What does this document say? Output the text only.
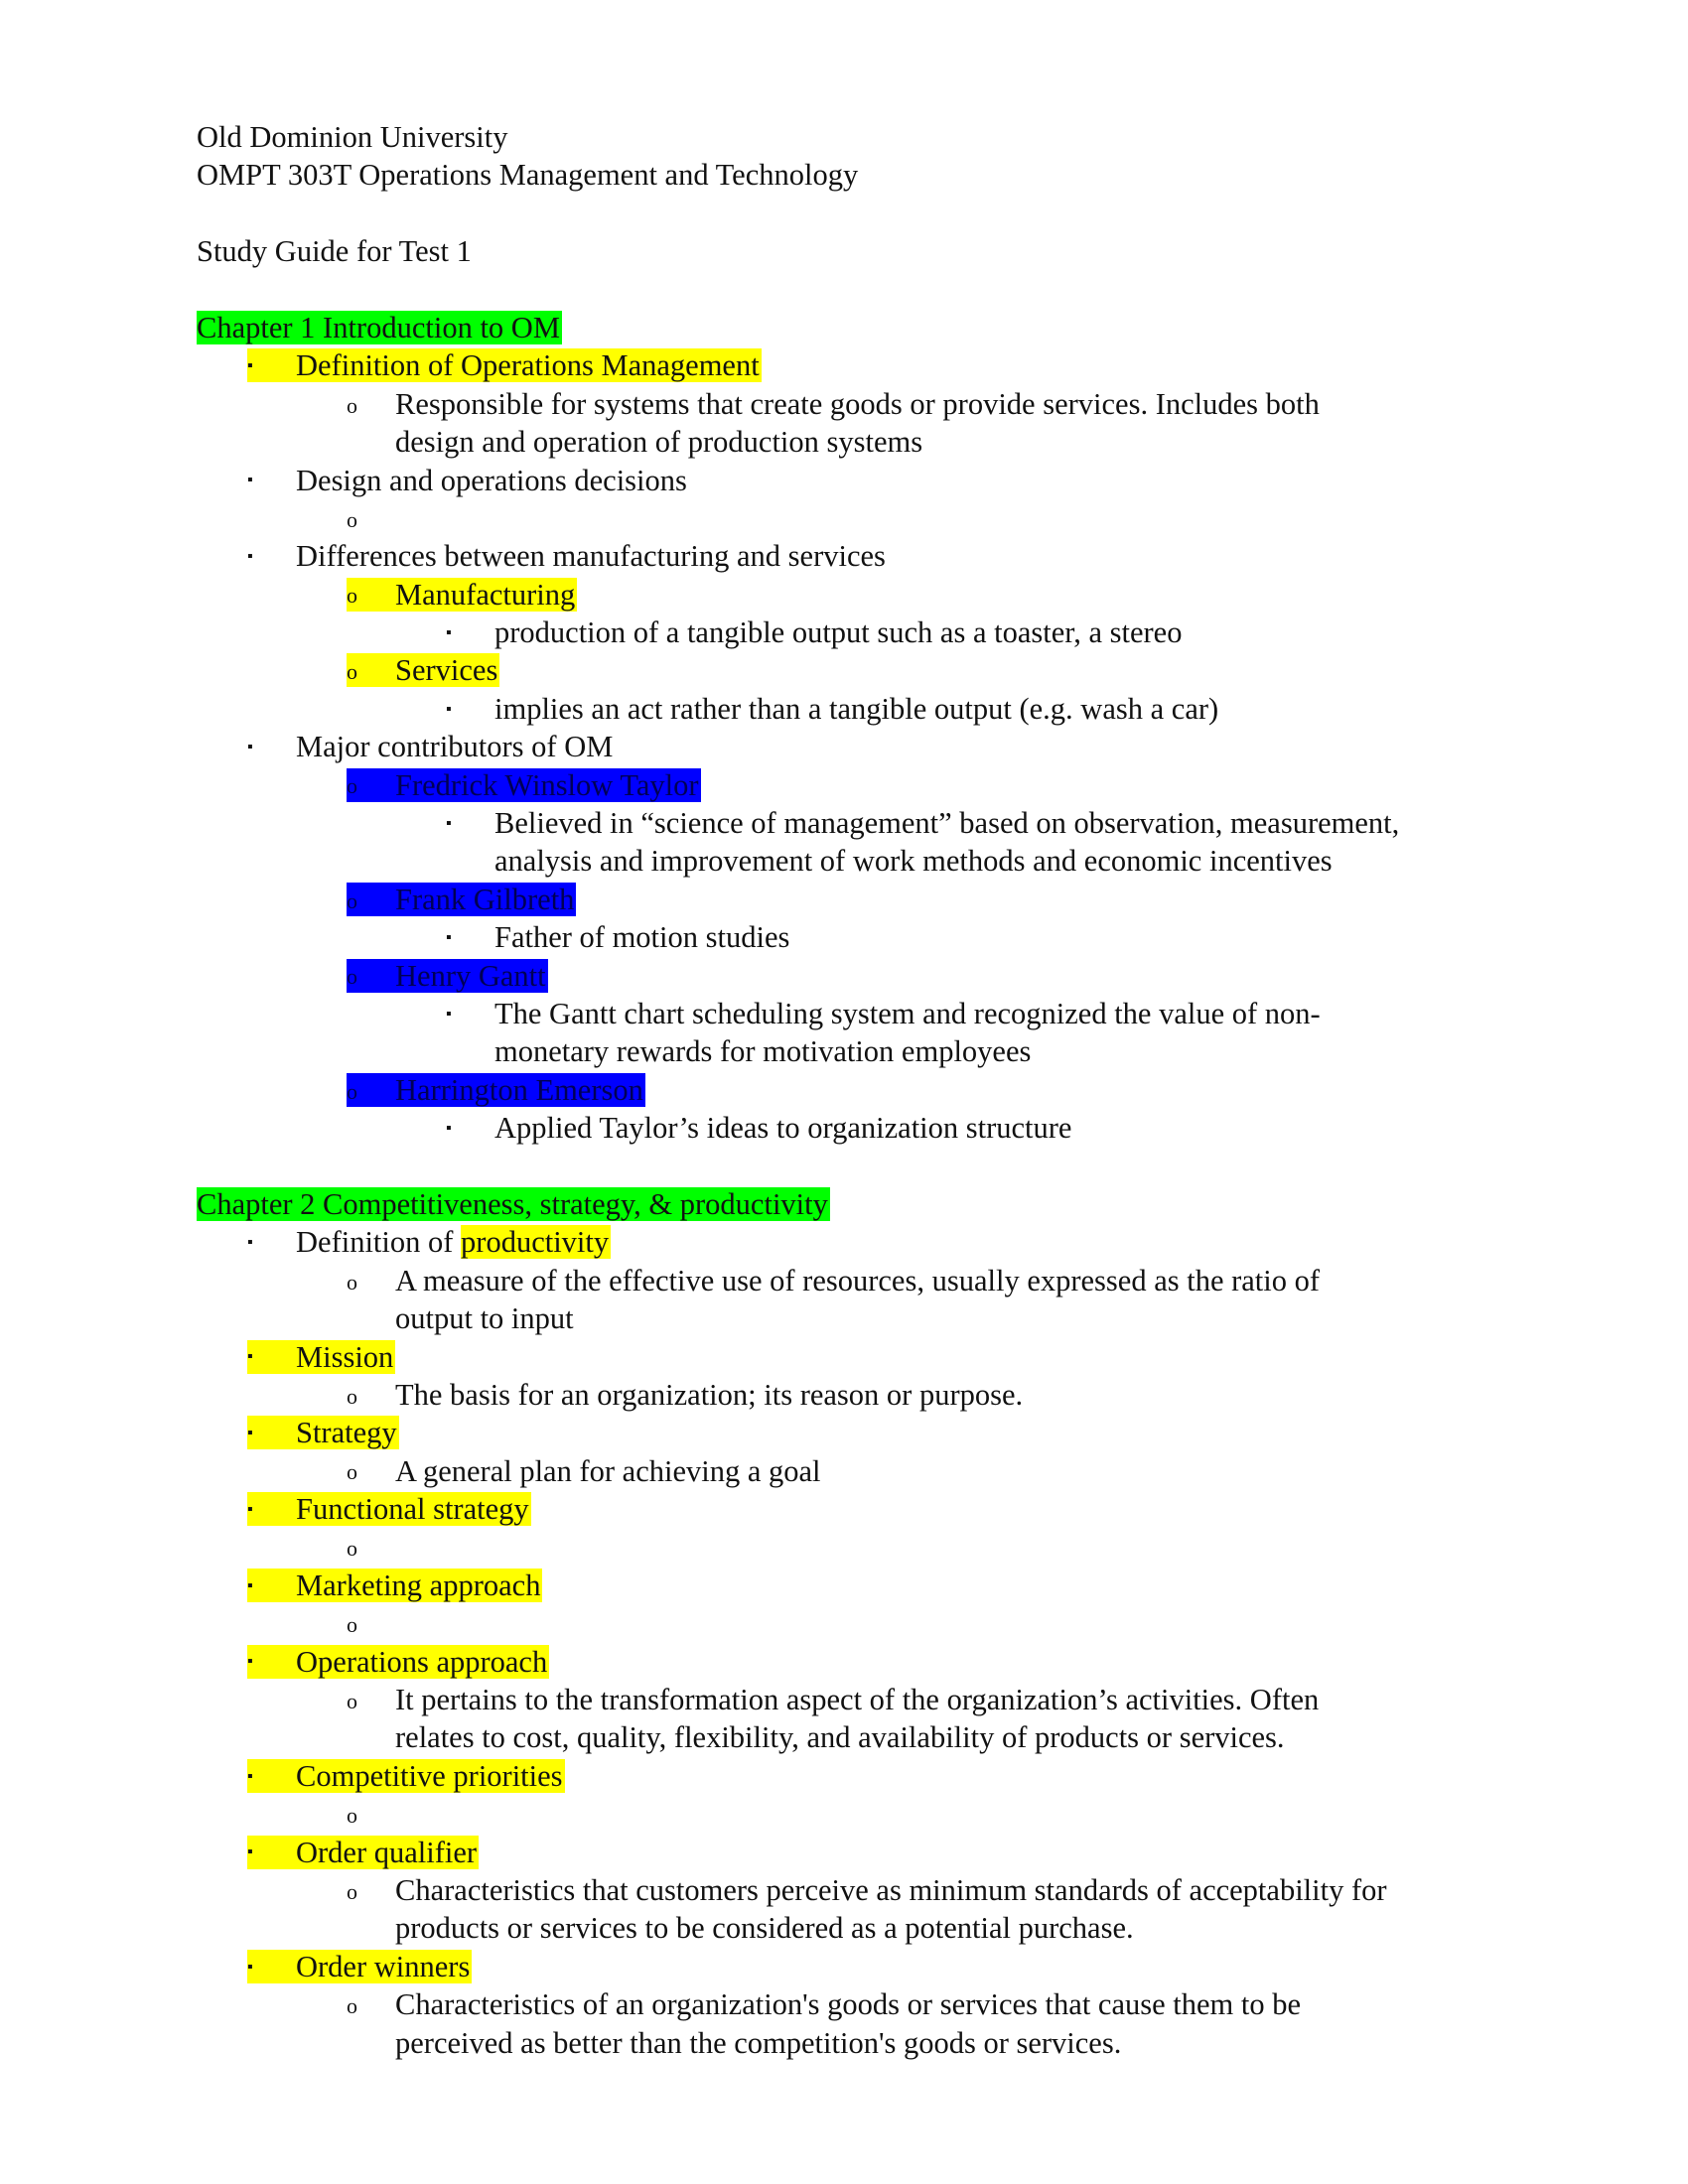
Old Dominion University
OMPT 303T Operations Management and Technology
Study Guide for Test 1
Chapter 1 Introduction to OM
▪ Definition of Operations Management
o Responsible for systems that create goods or provide services. Includes both
design and operation of production systems
▪ Design and operations decisions
o
▪ Differences between manufacturing and services
o Manufacturing
▪ production of a tangible output such as a toaster, a stereo
o Services
▪ implies an act rather than a tangible output (e.g. wash a car)
▪ Major contributors of OM
o Fredrick Winslow Taylor
▪ Believed in “science of management” based on observation, measurement,
analysis and improvement of work methods and economic incentives
o Frank Gilbreth
▪ Father of motion studies
o Henry Gantt
▪ The Gantt chart scheduling system and recognized the value of non-
monetary rewards for motivation employees
o Harrington Emerson
▪ Applied Taylor’s ideas to organization structure
Chapter 2 Competitiveness, strategy, & productivity
▪ Definition of productivity
o A measure of the effective use of resources, usually expressed as the ratio of
output to input
▪ Mission
o The basis for an organization; its reason or purpose.
▪ Strategy
o A general plan for achieving a goal
▪ Functional strategy
o
▪ Marketing approach
o
▪ Operations approach
o It pertains to the transformation aspect of the organization’s activities. Often
relates to cost, quality, flexibility, and availability of products or services.
▪ Competitive priorities
o
▪ Order qualifier
o Characteristics that customers perceive as minimum standards of acceptability for
products or services to be considered as a potential purchase.
▪ Order winners
o Characteristics of an organization's goods or services that cause them to be
perceived as better than the competition's goods or services.
